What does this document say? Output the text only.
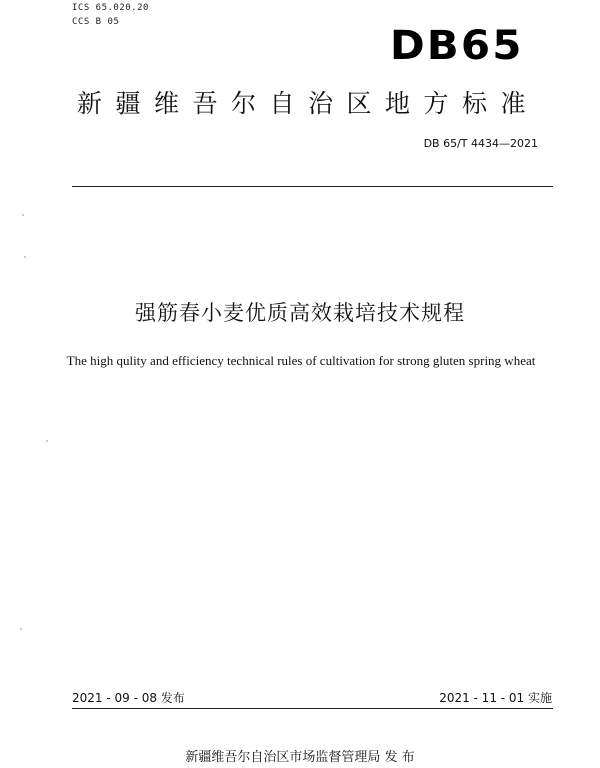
ICS 65.020.20
CCS B 05
DB65
新疆维吾尔自治区地方标准
DB 65/T 4434—2021
强筋春小麦优质高效栽培技术规程
The high qulity and efficiency technical rules of cultivation for strong gluten spring wheat
2021 - 09 - 08 发布	2021 - 11 - 01 实施
新疆维吾尔自治区市场监督管理局 发 布
